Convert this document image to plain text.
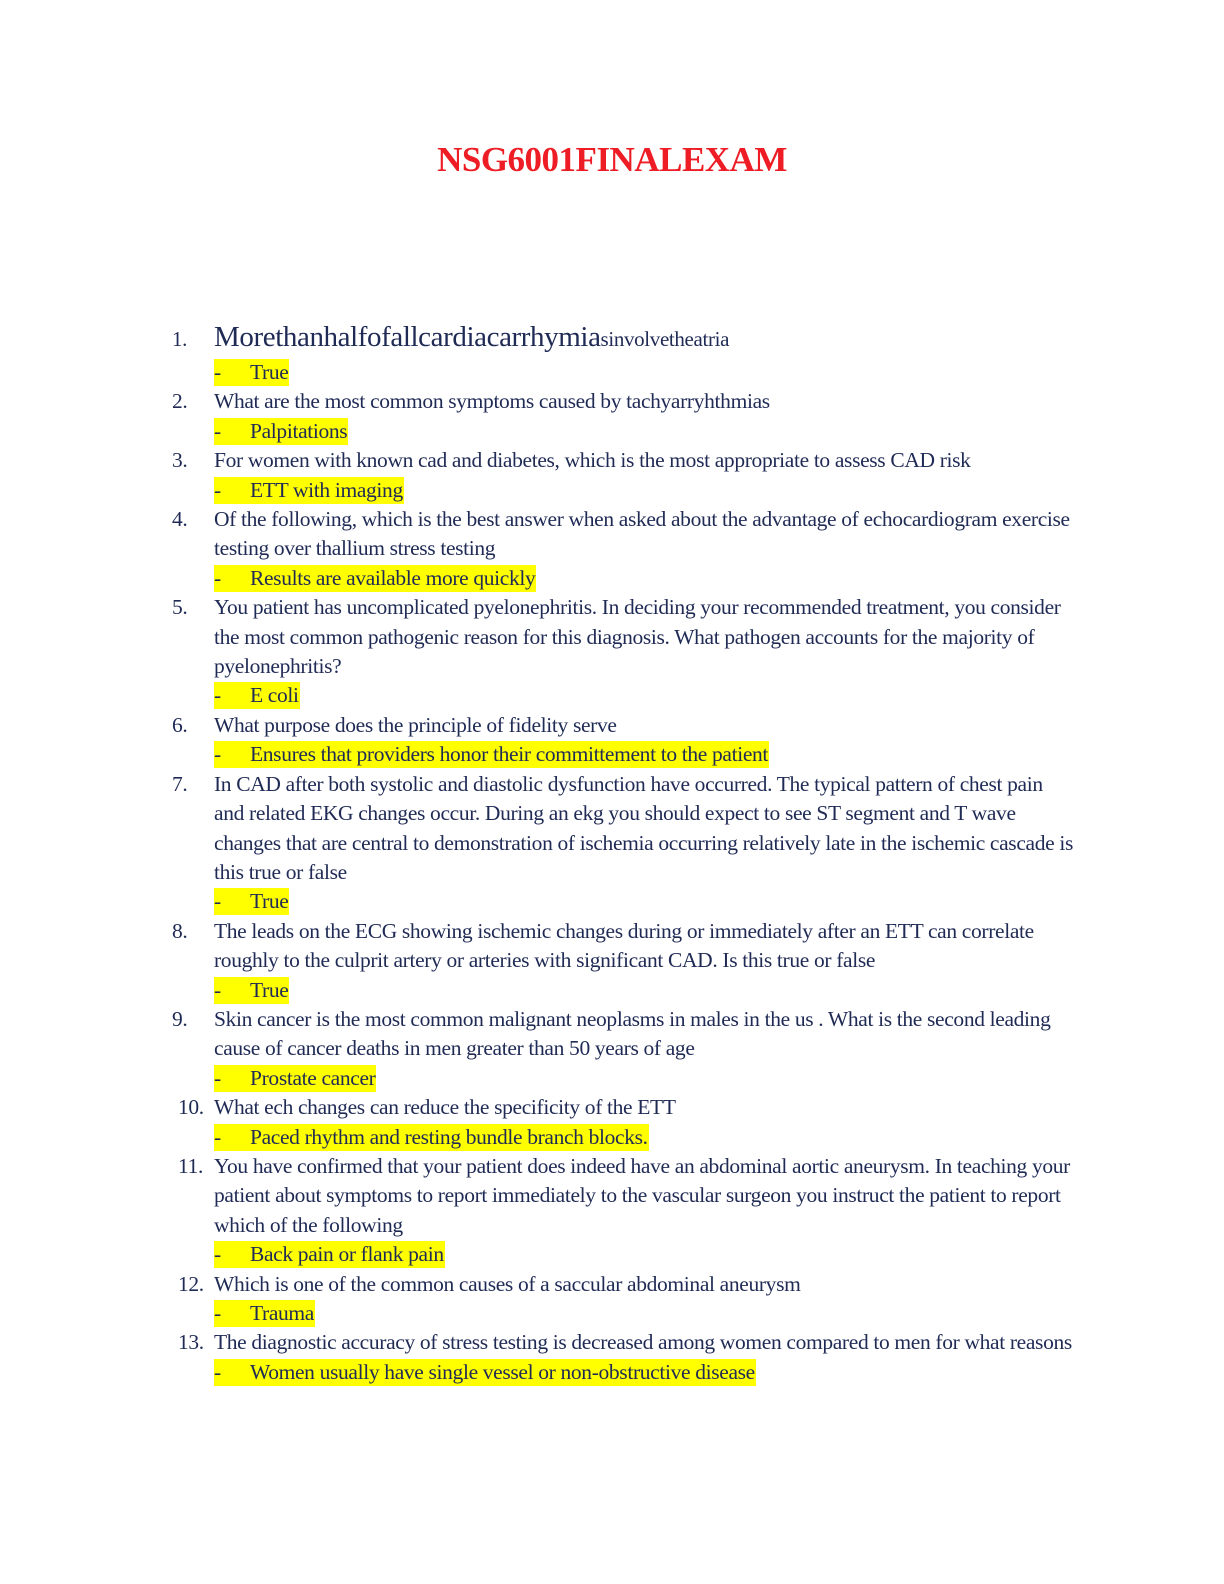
NSG6001FINALEXAM
1. Morethanhalfofallcardiacarrhymiasinvolvetheatria
- True
2.	What are the most common symptoms caused by tachyarryhthmias
- Palpitations
3.	For women with known cad and diabetes, which is the most appropriate to assess CAD risk
- ETT with imaging
4.	Of the following, which is the best answer when asked about the advantage of echocardiogram exercise testing over thallium stress testing
- Results are available more quickly
5.	You patient has uncomplicated pyelonephritis. In deciding your recommended treatment, you consider the most common pathogenic reason for this diagnosis. What pathogen accounts for the majority of pyelonephritis?
- E coli
6.	What purpose does the principle of fidelity serve
- Ensures that providers honor their committement to the patient
7.	In CAD after both systolic and diastolic dysfunction have occurred. The typical pattern of chest pain and related EKG changes occur. During an ekg you should expect to see ST segment and T wave changes that are central to demonstration of ischemia occurring relatively late in the ischemic cascade is this true or false
- True
8.	The leads on the ECG showing ischemic changes during or immediately after an ETT can correlate roughly to the culprit artery or arteries with significant CAD. Is this true or false
- True
9.	Skin cancer is the most common malignant neoplasms in males in the us . What is the second leading cause of cancer deaths in men greater than 50 years of age
- Prostate cancer
10. What ech changes can reduce the specificity of the ETT
- Paced rhythm and resting bundle branch blocks.
11. You have confirmed that your patient does indeed have an abdominal aortic aneurysm. In teaching your patient about symptoms to report immediately to the vascular surgeon you instruct the patient to report which of the following
- Back pain or flank pain
12. Which is one of the common causes of a saccular abdominal aneurysm
- Trauma
13. The diagnostic accuracy of stress testing is decreased among women compared to men for what reasons
- Women usually have single vessel or non-obstructive disease
